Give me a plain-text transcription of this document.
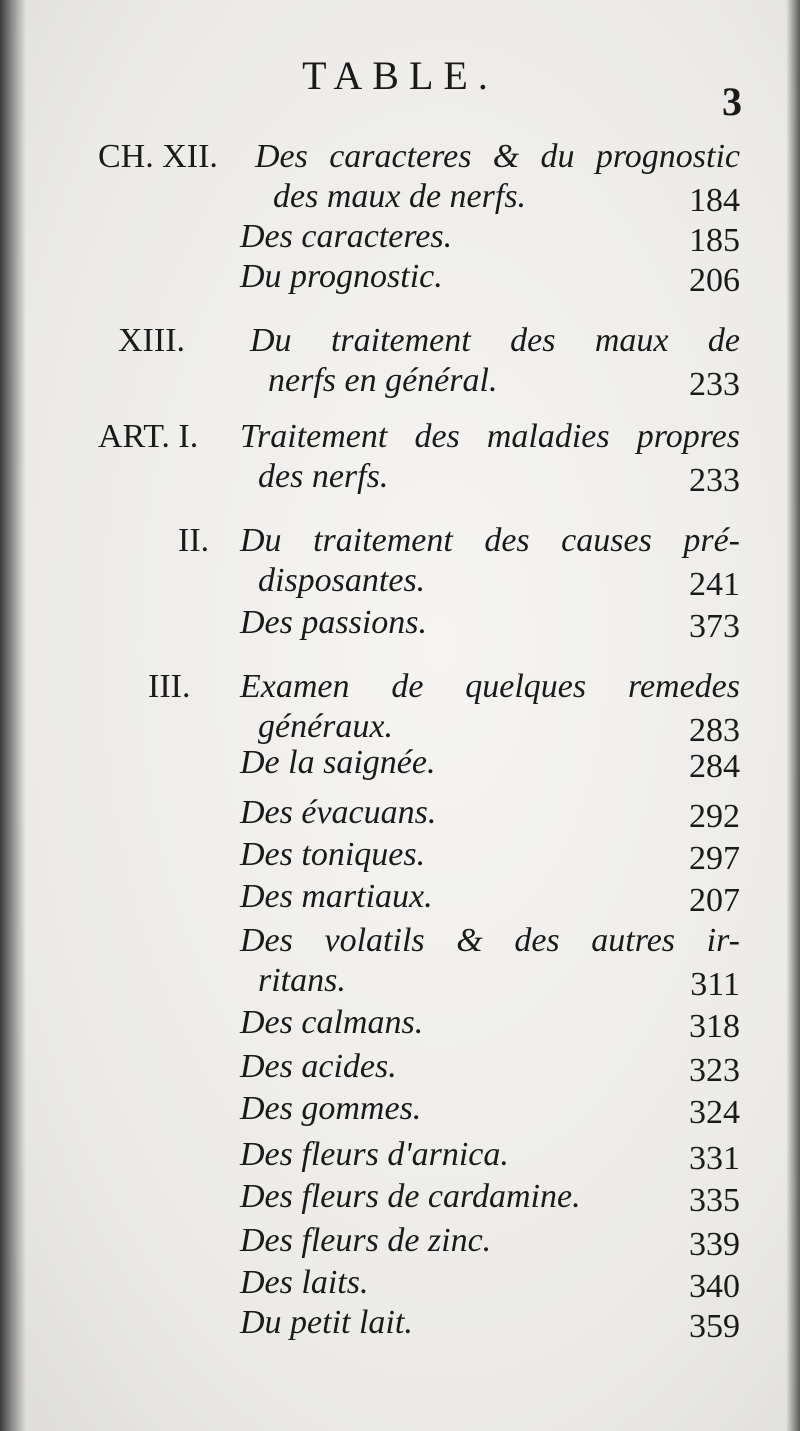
TABLE.
3
CH. XII. Des caracteres & du prognostic
des maux de nerfs.	184
Des caracteres.	185
Du prognostic.	206
XIII. Du traitement des maux de
nerfs en général.	233
ART. I. Traitement des maladies propres
des nerfs.	233
II. Du traitement des causes pré-
disposantes.	241
Des passions.	373
III. Examen de quelques remedes
généraux.	283
De la saignée.	284
Des évacuans.	292
Des toniques.	297
Des martiaux.	207
Des volatils & des autres ir-
ritans.	311
Des calmans.	318
Des acides.	323
Des gommes.	324
Des fleurs d'arnica.	331
Des fleurs de cardamine.	335
Des fleurs de zinc.	339
Des laits.	340
Du petit lait.	359
